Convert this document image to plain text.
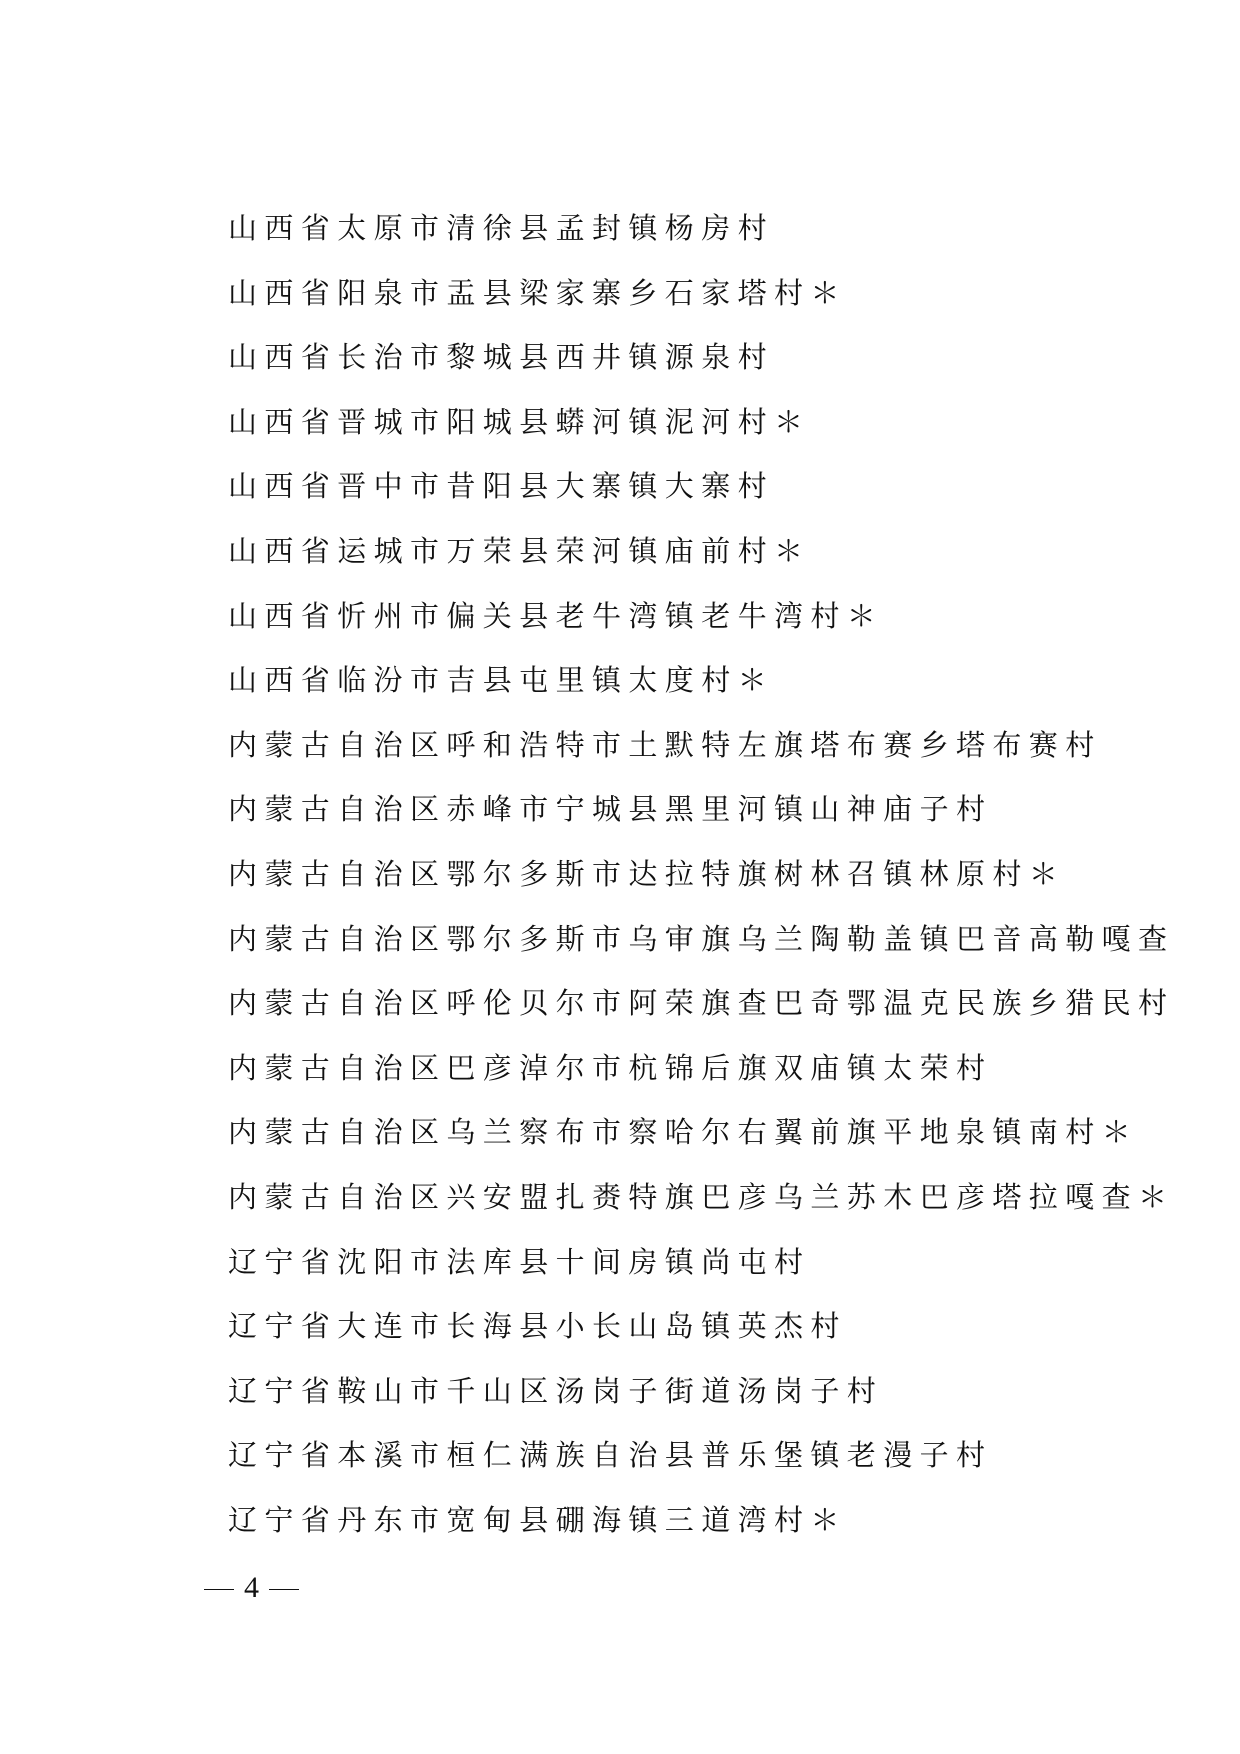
山西省太原市清徐县孟封镇杨房村
山西省阳泉市盂县梁家寨乡石家塔村＊
山西省长治市黎城县西井镇源泉村
山西省晋城市阳城县蟒河镇泥河村＊
山西省晋中市昔阳县大寨镇大寨村
山西省运城市万荣县荣河镇庙前村＊
山西省忻州市偏关县老牛湾镇老牛湾村＊
山西省临汾市吉县屯里镇太度村＊
内蒙古自治区呼和浩特市土默特左旗塔布赛乡塔布赛村
内蒙古自治区赤峰市宁城县黑里河镇山神庙子村
内蒙古自治区鄂尔多斯市达拉特旗树林召镇林原村＊
内蒙古自治区鄂尔多斯市乌审旗乌兰陶勒盖镇巴音高勒嘎查
内蒙古自治区呼伦贝尔市阿荣旗查巴奇鄂温克民族乡猎民村
内蒙古自治区巴彦淖尔市杭锦后旗双庙镇太荣村
内蒙古自治区乌兰察布市察哈尔右翼前旗平地泉镇南村＊
内蒙古自治区兴安盟扎赉特旗巴彦乌兰苏木巴彦塔拉嘎查＊
辽宁省沈阳市法库县十间房镇尚屯村
辽宁省大连市长海县小长山岛镇英杰村
辽宁省鞍山市千山区汤岗子街道汤岗子村
辽宁省本溪市桓仁满族自治县普乐堡镇老漫子村
辽宁省丹东市宽甸县硼海镇三道湾村＊
4
